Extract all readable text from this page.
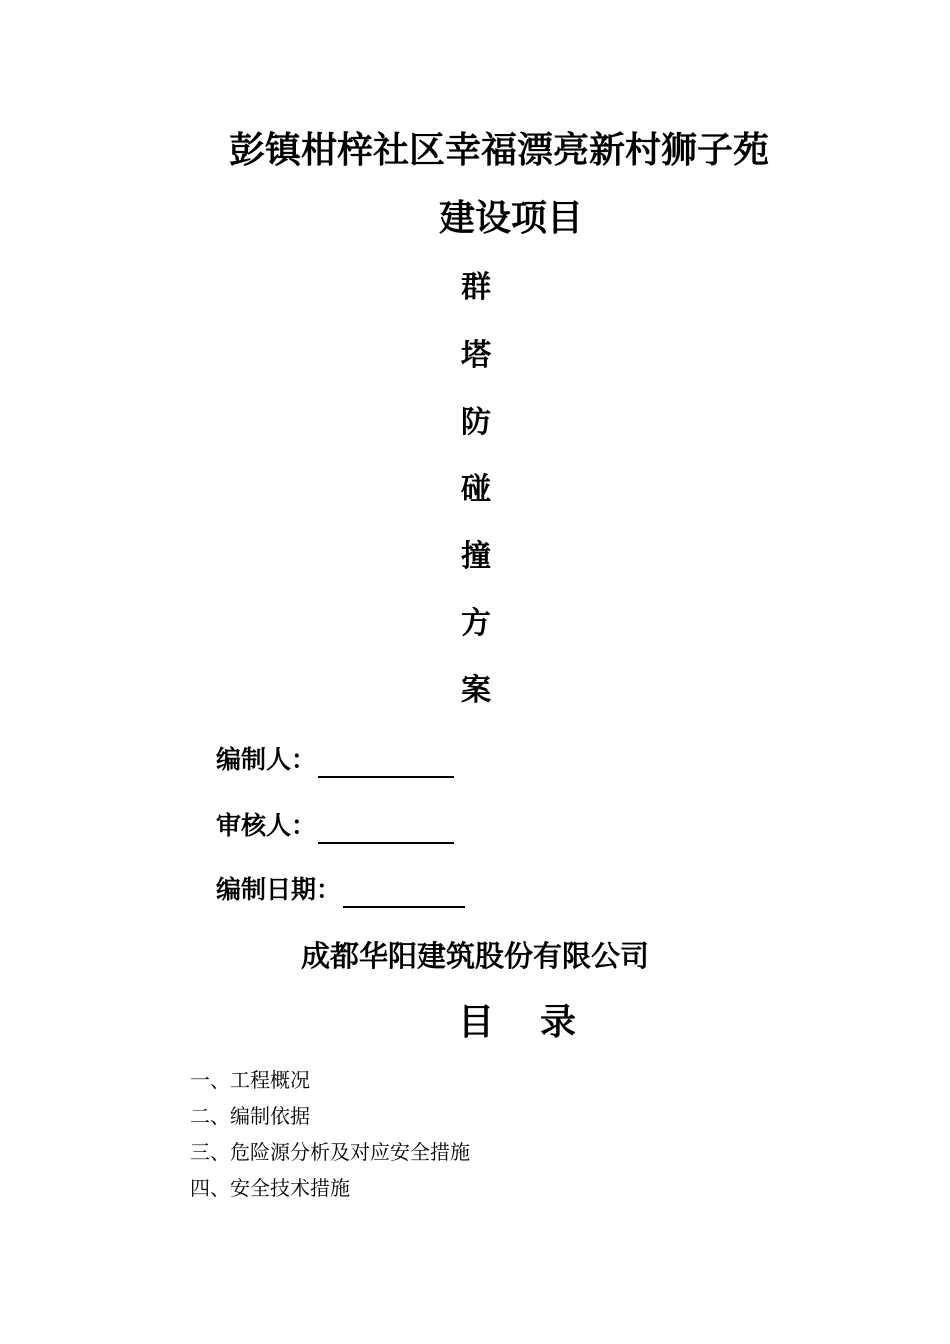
彭镇柑梓社区幸福漂亮新村狮子苑
建设项目
群
塔
防
碰
撞
方
案
编制人：
审核人：
编制日期：
成都华阳建筑股份有限公司
目 录
一、工程概况
二、编制依据
三、危险源分析及对应安全措施
四、安全技术措施
